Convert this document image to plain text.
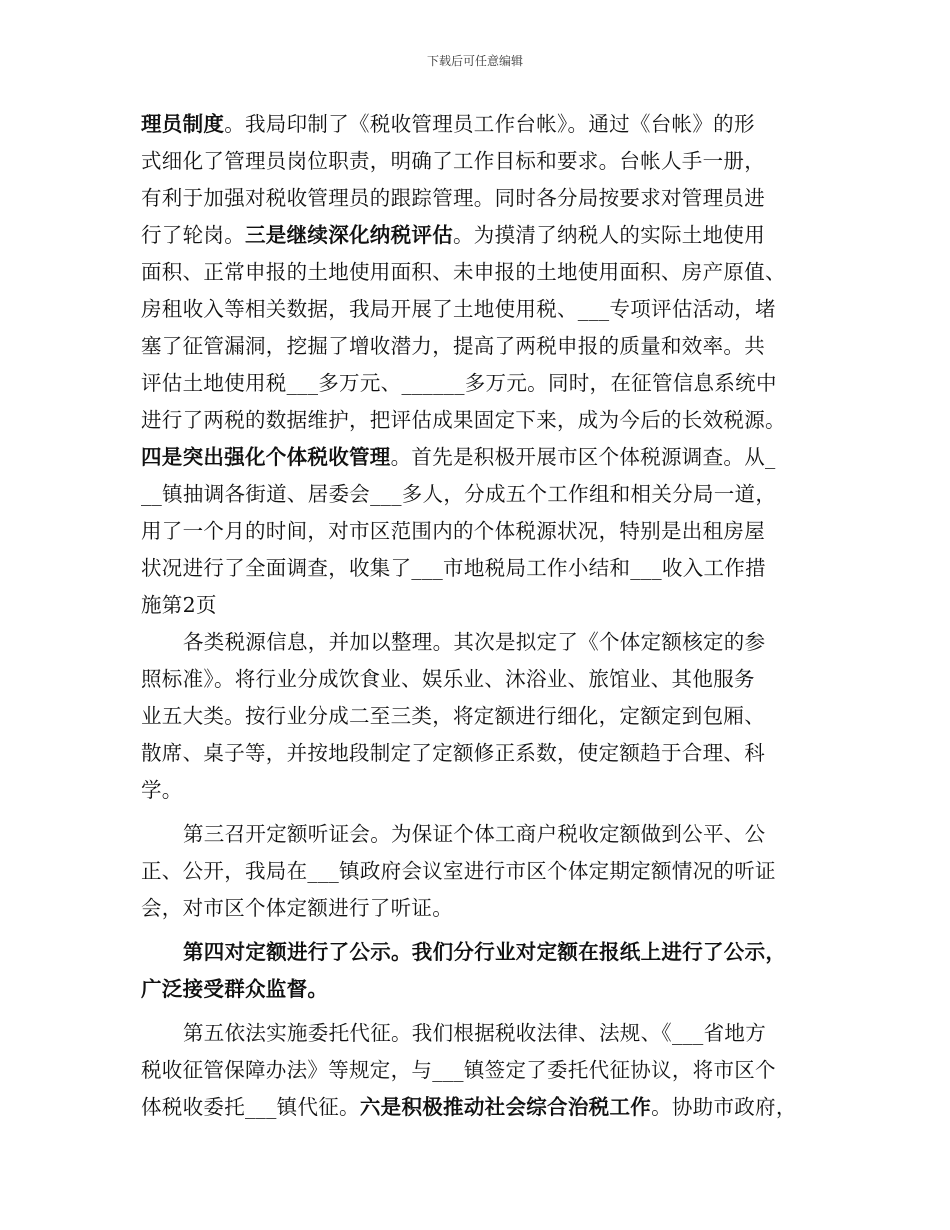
下载后可任意编辑
理员制度。我局印制了《税收管理员工作台帐》。通过《台帐》的形
式细化了管理员岗位职责，明确了工作目标和要求。台帐人手一册，
有利于加强对税收管理员的跟踪管理。同时各分局按要求对管理员进
行了轮岗。三是继续深化纳税评估。为摸清了纳税人的实际土地使用
面积、正常申报的土地使用面积、未申报的土地使用面积、房产原值、
房租收入等相关数据，我局开展了土地使用税、___专项评估活动，堵
塞了征管漏洞，挖掘了增收潜力，提高了两税申报的质量和效率。共
评估土地使用税___多万元、______多万元。同时，在征管信息系统中
进行了两税的数据维护，把评估成果固定下来，成为今后的长效税源。
四是突出强化个体税收管理。首先是积极开展市区个体税源调查。从_
__镇抽调各街道、居委会___多人，分成五个工作组和相关分局一道，
用了一个月的时间，对市区范围内的个体税源状况，特别是出租房屋
状况进行了全面调查，收集了___市地税局工作小结和___收入工作措
施第2页
各类税源信息，并加以整理。其次是拟定了《个体定额核定的参
照标准》。将行业分成饮食业、娱乐业、沐浴业、旅馆业、其他服务
业五大类。按行业分成二至三类，将定额进行细化，定额定到包厢、
散席、桌子等，并按地段制定了定额修正系数，使定额趋于合理、科
学。
第三召开定额听证会。为保证个体工商户税收定额做到公平、公
正、公开，我局在___镇政府会议室进行市区个体定期定额情况的听证
会，对市区个体定额进行了听证。
第四对定额进行了公示。我们分行业对定额在报纸上进行了公示，
广泛接受群众监督。
第五依法实施委托代征。我们根据税收法律、法规、《___省地方
税收征管保障办法》等规定，与___镇签定了委托代征协议，将市区个
体税收委托___镇代征。六是积极推动社会综合治税工作。协助市政府，
